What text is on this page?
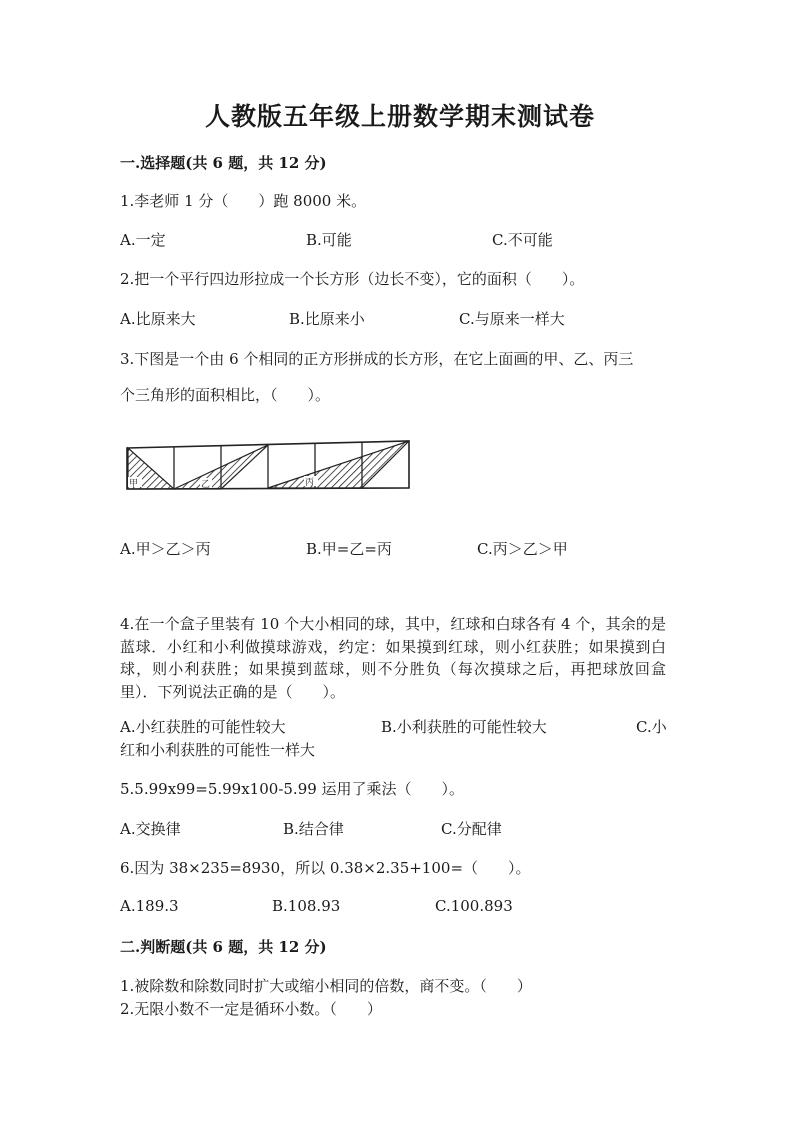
人教版五年级上册数学期末测试卷
一.选择题(共 6 题，共 12 分)
1.李老师 1 分（　　）跑 8000 米。
A.一定	B.可能	C.不可能
2.把一个平行四边形拉成一个长方形（边长不变），它的面积（　　）。
A.比原来大	B.比原来小	C.与原来一样大
3.下图是一个由 6 个相同的正方形拼成的长方形，在它上面画的甲、乙、丙三
个三角形的面积相比，（　　）。
甲	乙	丙
A.甲＞乙＞丙	B.甲=乙=丙	C.丙＞乙＞甲
4.在一个盒子里装有 10 个大小相同的球，其中，红球和白球各有 4 个，其余的是蓝球．小红和小利做摸球游戏，约定：如果摸到红球，则小红获胜；如果摸到白球，则小利获胜；如果摸到蓝球，则不分胜负（每次摸球之后，再把球放回盒里）．下列说法正确的是（　　）。
A.小红获胜的可能性较大	B.小利获胜的可能性较大	C.小
红和小利获胜的可能性一样大
5.5.99x99=5.99x100-5.99 运用了乘法（　　）。
A.交换律	B.结合律	C.分配律
6.因为 38×235=8930，所以 0.38×2.35+100=（　　）。
A.189.3	B.108.93	C.100.893
二.判断题(共 6 题，共 12 分)
1.被除数和除数同时扩大或缩小相同的倍数，商不变。（　　）
2.无限小数不一定是循环小数。（　　）
